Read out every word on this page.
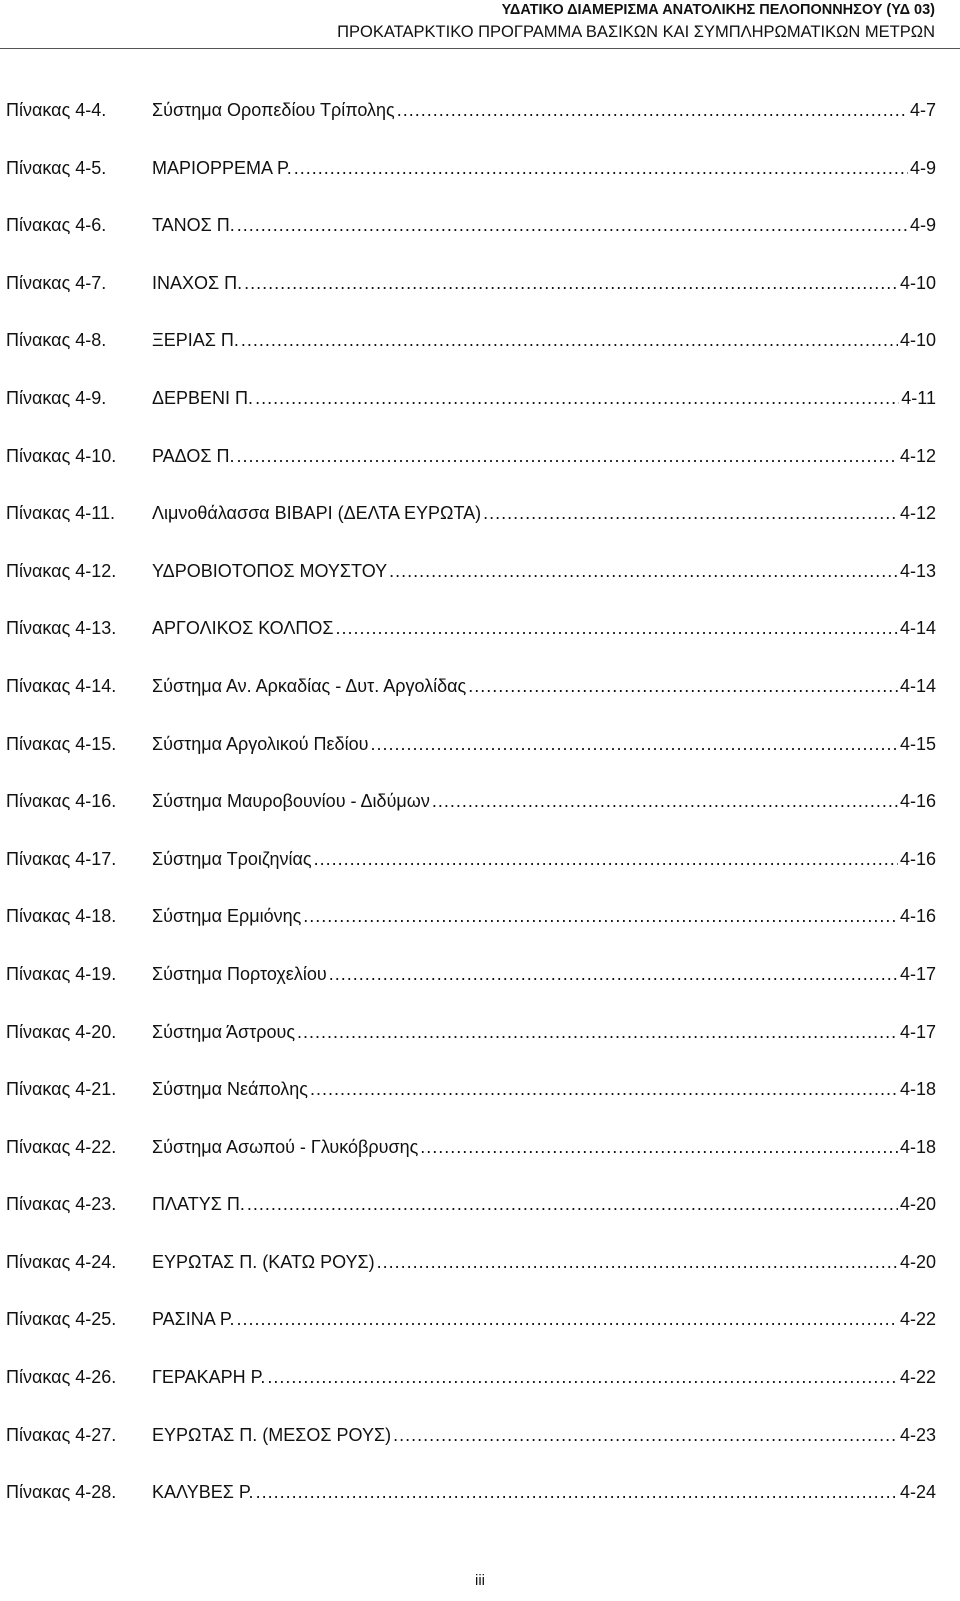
ΥΔΑΤΙΚΟ ΔΙΑΜΕΡΙΣΜΑ ΑΝΑΤΟΛΙΚΗΣ ΠΕΛΟΠΟΝΝΗΣΟΥ (ΥΔ 03)
ΠΡΟΚΑΤΑΡΚΤΙΚΟ ΠΡΟΓΡΑΜΜΑ ΒΑΣΙΚΩΝ ΚΑΙ ΣΥΜΠΛΗΡΩΜΑΤΙΚΩΝ ΜΕΤΡΩΝ
Πίνακας 4-4.	Σύστημα Οροπεδίου Τρίπολης .....	4-7
Πίνακας 4-5.	ΜΑΡΙΟΡΡΕΜΑ Ρ. .....	4-9
Πίνακας 4-6.	ΤΑΝΟΣ Π. .....	4-9
Πίνακας 4-7.	ΙΝΑΧΟΣ Π. .....	4-10
Πίνακας 4-8.	ΞΕΡΙΑΣ Π. .....	4-10
Πίνακας 4-9.	ΔΕΡΒΕΝΙ Π. .....	4-11
Πίνακας 4-10. ΡΑΔΟΣ Π. .....	4-12
Πίνακας 4-11. Λιμνοθάλασσα ΒΙΒΑΡΙ (ΔΕΛΤΑ ΕΥΡΩΤΑ) .....	4-12
Πίνακας 4-12. ΥΔΡΟΒΙΟΤΟΠΟΣ ΜΟΥΣΤΟΥ .....	4-13
Πίνακας 4-13. ΑΡΓΟΛΙΚΟΣ ΚΟΛΠΟΣ .....	4-14
Πίνακας 4-14. Σύστημα Αν. Αρκαδίας - Δυτ. Αργολίδας .....	4-14
Πίνακας 4-15. Σύστημα Αργολικού Πεδίου .....	4-15
Πίνακας 4-16. Σύστημα Μαυροβουνίου - Διδύμων .....	4-16
Πίνακας 4-17. Σύστημα Τροιζηνίας .....	4-16
Πίνακας 4-18. Σύστημα Ερμιόνης .....	4-16
Πίνακας 4-19. Σύστημα Πορτοχελίου .....	4-17
Πίνακας 4-20. Σύστημα Άστρους .....	4-17
Πίνακας 4-21. Σύστημα Νεάπολης .....	4-18
Πίνακας 4-22. Σύστημα Ασωπού - Γλυκόβρυσης .....	4-18
Πίνακας 4-23. ΠΛΑΤΥΣ Π. .....	4-20
Πίνακας 4-24. ΕΥΡΩΤΑΣ Π. (ΚΑΤΩ ΡΟΥΣ) .....	4-20
Πίνακας 4-25. ΡΑΣΙΝΑ Ρ. .....	4-22
Πίνακας 4-26. ΓΕΡΑΚΑΡΗ Ρ. .....	4-22
Πίνακας 4-27. ΕΥΡΩΤΑΣ Π. (ΜΕΣΟΣ ΡΟΥΣ) .....	4-23
Πίνακας 4-28. ΚΑΛΥΒΕΣ Ρ. .....	4-24
iii
